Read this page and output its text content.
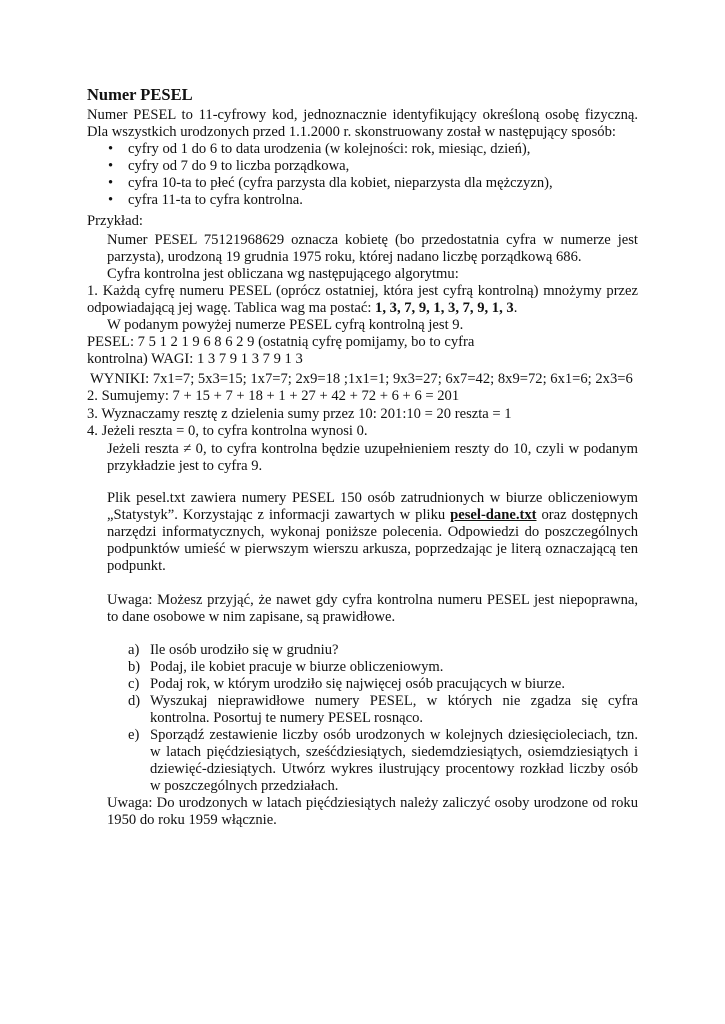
Numer PESEL
Numer PESEL to 11-cyfrowy kod, jednoznacznie identyfikujący określoną osobę fizyczną.
Dla wszystkich urodzonych przed 1.1.2000 r. skonstruowany został w następujący sposób:
• cyfry od 1 do 6 to data urodzenia (w kolejności: rok, miesiąc, dzień),
• cyfry od 7 do 9 to liczba porządkowa,
• cyfra 10-ta to płeć (cyfra parzysta dla kobiet, nieparzysta dla mężczyzn),
• cyfra 11-ta to cyfra kontrolna.
Przykład:
Numer PESEL 75121968629 oznacza kobietę (bo przedostatnia cyfra w numerze jest
parzysta), urodzoną 19 grudnia 1975 roku, której nadano liczbę porządkową 686.
Cyfra kontrolna jest obliczana wg następującego algorytmu:
1. Każdą cyfrę numeru PESEL (oprócz ostatniej, która jest cyfrą kontrolną) mnożymy przez
odpowiadającą jej wagę. Tablica wag ma postać: 1, 3, 7, 9, 1, 3, 7, 9, 1, 3.
W podanym powyżej numerze PESEL cyfrą kontrolną jest 9.
PESEL: 7 5 1 2 1 9 6 8 6 2 9 (ostatnią cyfrę pomijamy, bo to cyfra
kontrolna) WAGI: 1 3 7 9 1 3 7 9 1 3
WYNIKI: 7x1=7; 5x3=15; 1x7=7; 2x9=18 ;1x1=1; 9x3=27; 6x7=42; 8x9=72; 6x1=6; 2x3=6
2. Sumujemy: 7 + 15 + 7 + 18 + 1 + 27 + 42 + 72 + 6 + 6 = 201
3. Wyznaczamy resztę z dzielenia sumy przez 10: 201:10 = 20 reszta = 1
4. Jeżeli reszta = 0, to cyfra kontrolna wynosi 0.
Jeżeli reszta ≠ 0, to cyfra kontrolna będzie uzupełnieniem reszty do 10, czyli w podanym
przykładzie jest to cyfra 9.
Plik pesel.txt zawiera numery PESEL 150 osób zatrudnionych w biurze obliczeniowym
„Statystyk”. Korzystając z informacji zawartych w pliku pesel-dane.txt oraz dostępnych
narzędzi informatycznych, wykonaj poniższe polecenia. Odpowiedzi do poszczególnych
podpunktów umieść w pierwszym wierszu arkusza, poprzedzając je literą oznaczającą ten
podpunkt.
Uwaga: Możesz przyjąć, że nawet gdy cyfra kontrolna numeru PESEL jest niepoprawna,
to dane osobowe w nim zapisane, są prawidłowe.
a) Ile osób urodziło się w grudniu?
b) Podaj, ile kobiet pracuje w biurze obliczeniowym.
c) Podaj rok, w którym urodziło się najwięcej osób pracujących w biurze.
d) Wyszukaj nieprawidłowe numery PESEL, w których nie zgadza się cyfra
kontrolna. Posortuj te numery PESEL rosnąco.
e) Sporządź zestawienie liczby osób urodzonych w kolejnych dziesięcioleciach, tzn.
w latach pięćdziesiątych, sześćdziesiątych, siedemdziesiątych, osiemdziesiątych i
dziewięć-dziesiątych. Utwórz wykres ilustrujący procentowy rozkład liczby osób
w poszczególnych przedziałach.
Uwaga: Do urodzonych w latach pięćdziesiątych należy zaliczyć osoby urodzone od roku
1950 do roku 1959 włącznie.
